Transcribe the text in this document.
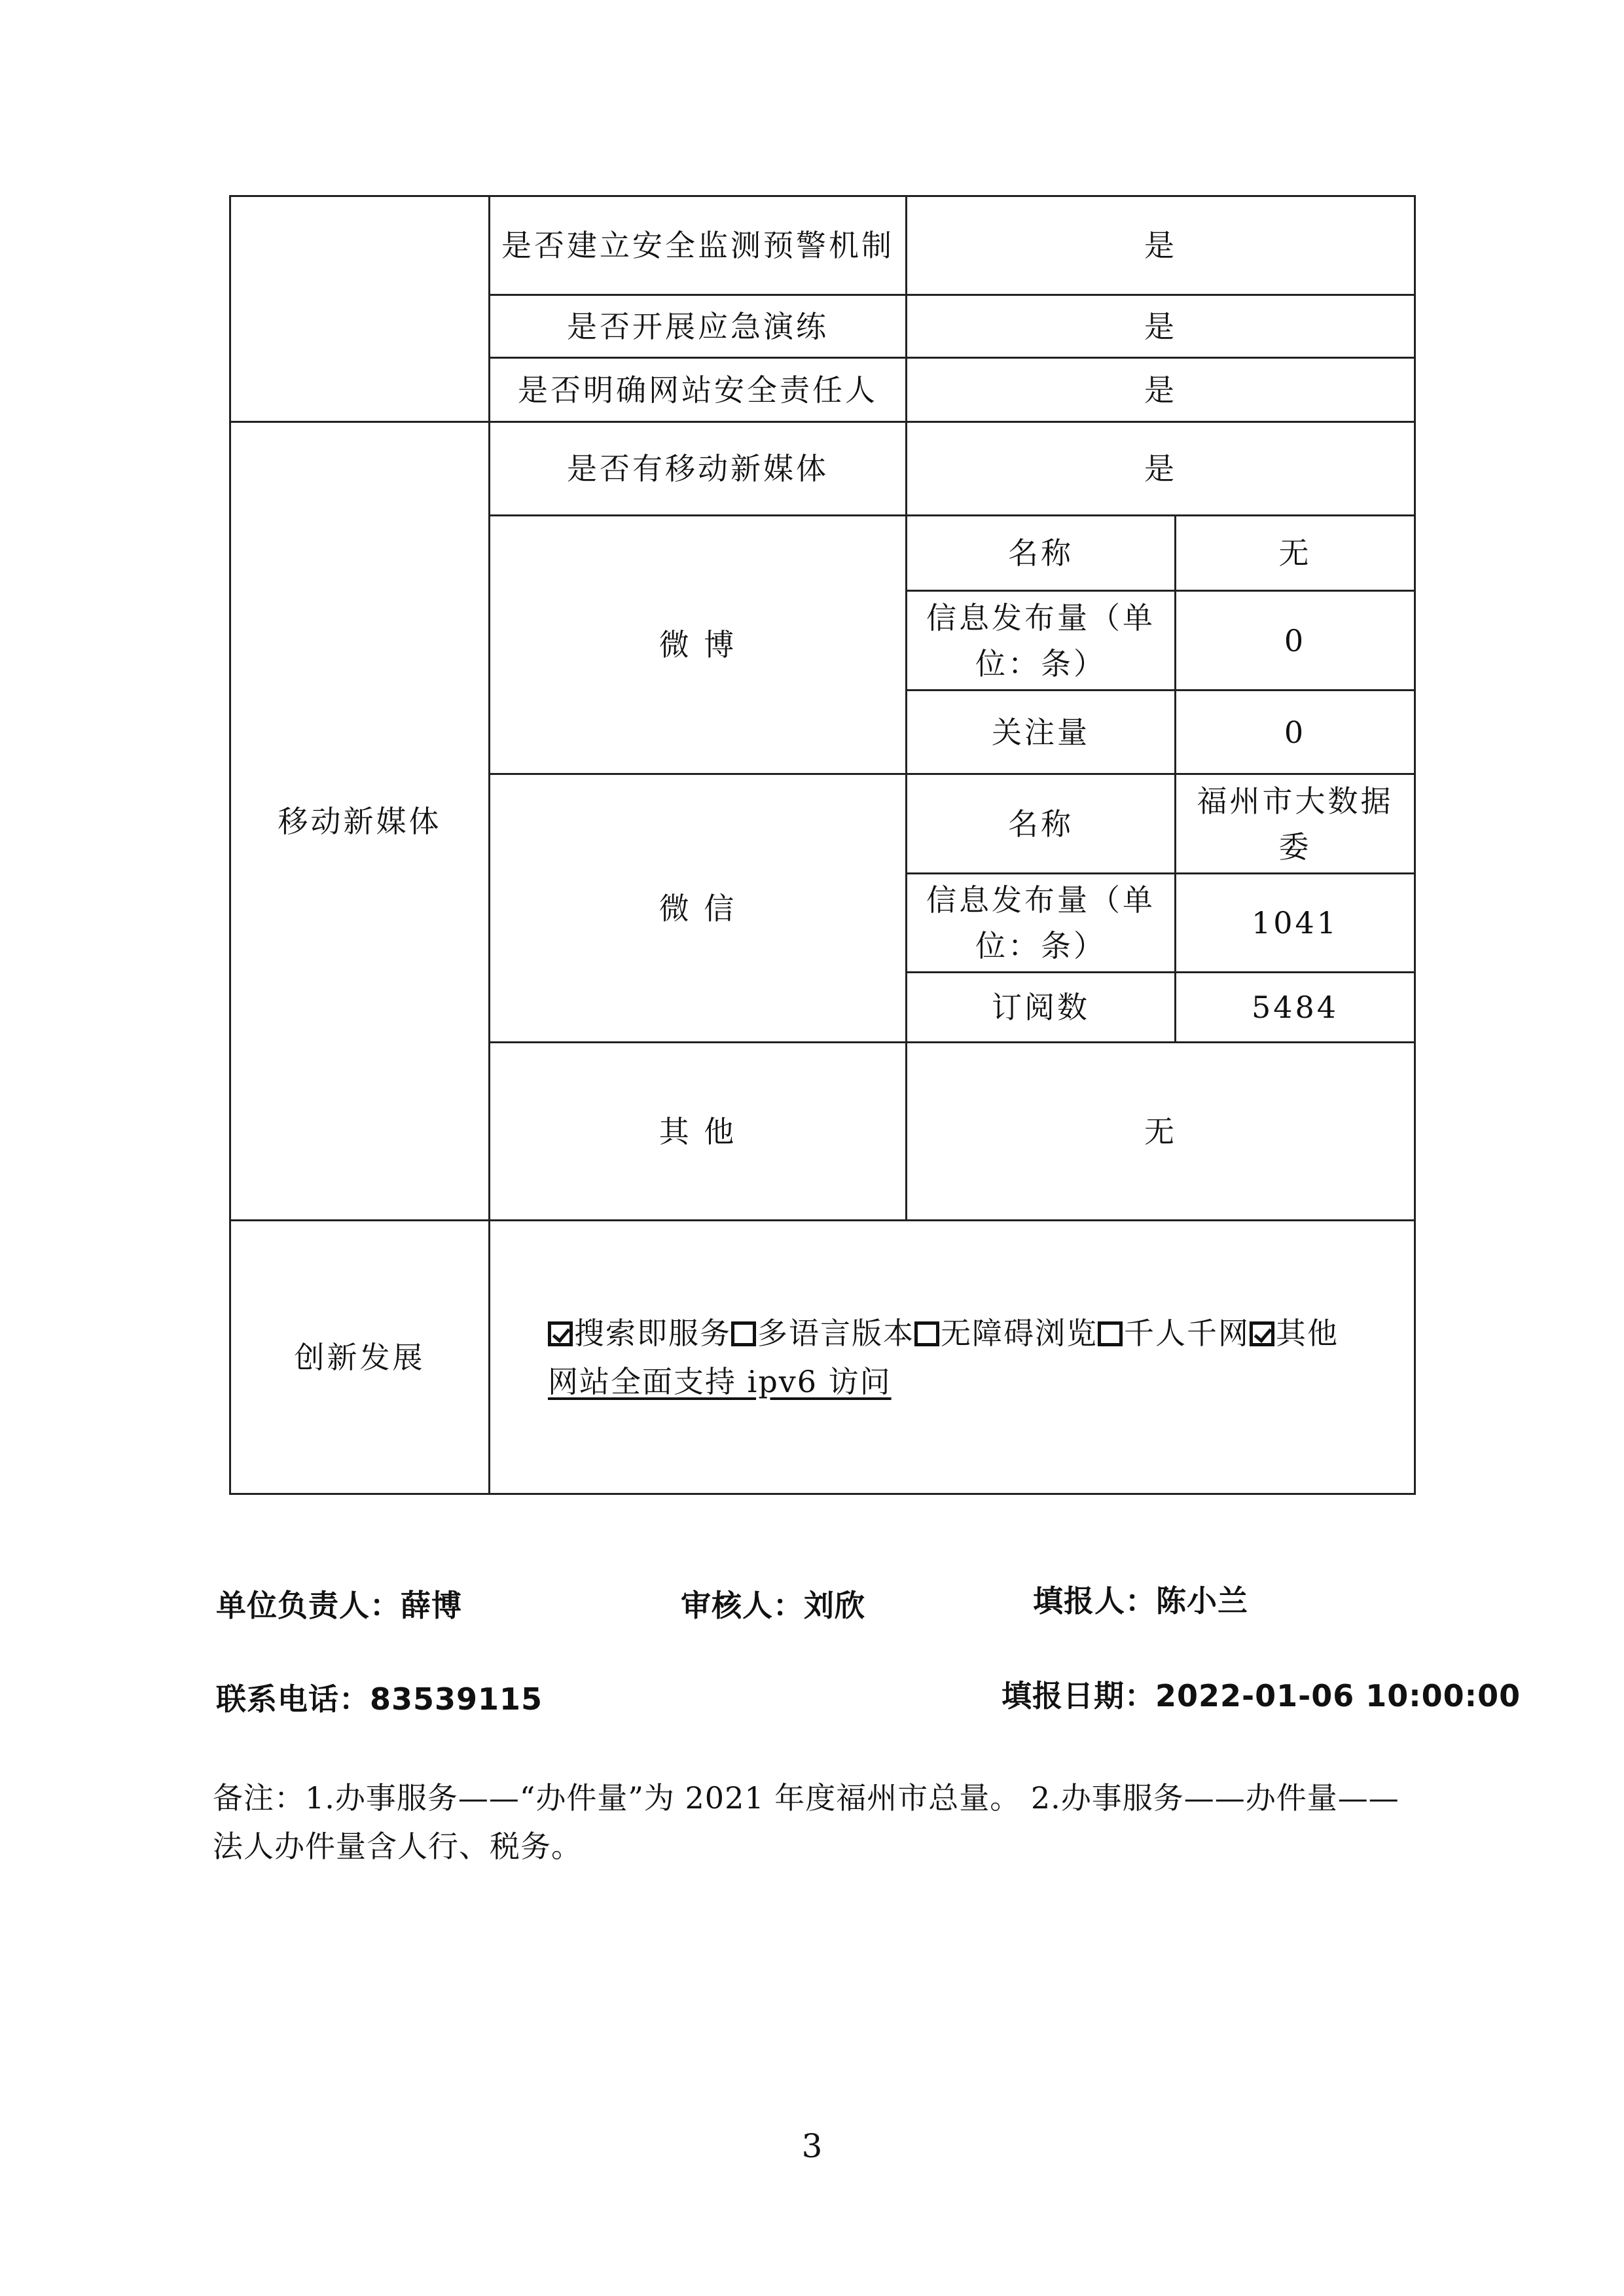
	是否建立安全监测预警机制	是	
	是否开展应急演练	是	
	是否明确网站安全责任人	是	
移动新媒体	是否有移动新媒体	是	
	微 博	名称	无
		信息发布量（单位：条）	0
		关注量	0
	微 信	名称	福州市大数据委
		信息发布量（单位：条）	1041
		订阅数	5484
	其 他	无	
创新发展	搜索即服务 多语言版本 无障碍浏览 千人千网 其他
网站全面支持 ipv6 访问		
单位负责人：薛博	审核人：刘欣	填报人：陈小兰
联系电话：83539115	填报日期：2022-01-06 10:00:00
备注：1.办事服务——“办件量”为 2021 年度福州市总量。 2.办事服务——办件量——法人办件量含人行、税务。
3
